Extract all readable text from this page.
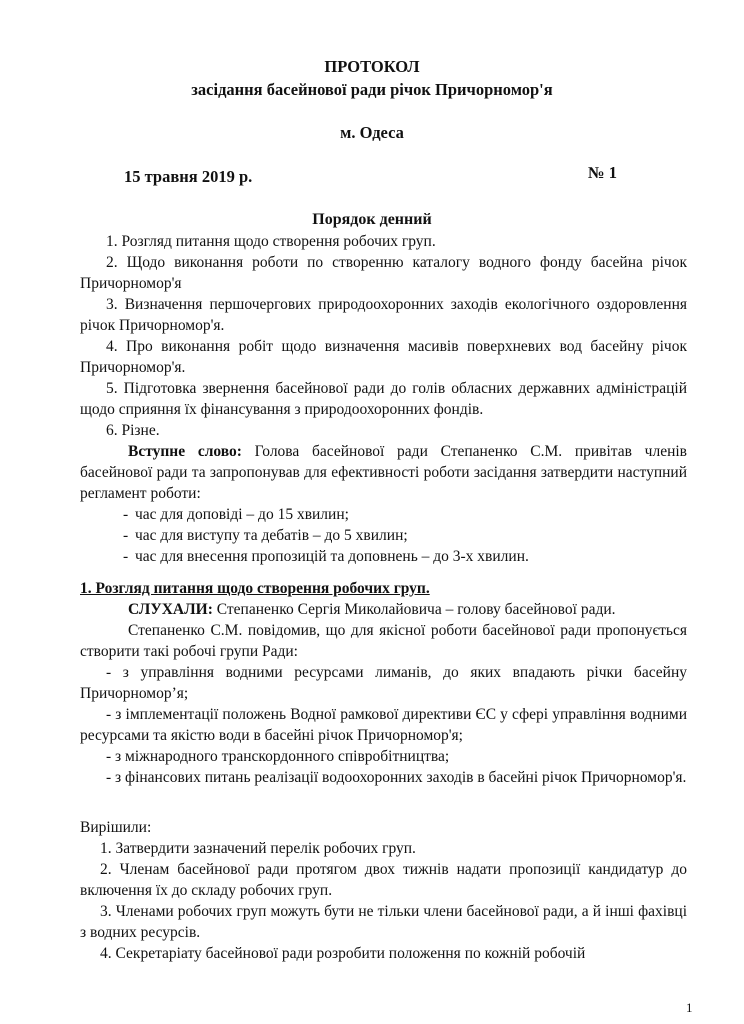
ПРОТОКОЛ
засідання басейнової ради річок Причорномор'я
м. Одеса
15 травня 2019 р.	№ 1
Порядок денний

1. Розгляд питання щодо створення робочих груп.

2. Щодо виконання роботи по створенню каталогу водного фонду басейна річок Причорномор'я

3. Визначення першочергових природоохоронних заходів екологічного оздоровлення річок Причорномор'я.

4. Про виконання робіт щодо визначення масивів поверхневих вод басейну річок Причорномор'я.

5. Підготовка звернення басейнової ради до голів обласних державних адміністрацій щодо сприяння їх фінансування з природоохоронних фондів.

6. Різне.

Вступне слово: Голова басейнової ради Степаненко С.М. привітав членів басейнової ради та запропонував для ефективності роботи засідання затвердити наступний регламент роботи:

- час для доповіді – до 15 хвилин;
- час для виступу та дебатів – до 5 хвилин;
- час для внесення пропозицій та доповнень – до 3-х хвилин.

1. Розгляд питання щодо створення робочих груп.

СЛУХАЛИ: Степаненко Сергія Миколайовича – голову басейнової ради.

Степаненко С.М. повідомив, що для якісної роботи басейнової ради пропонується створити такі робочі групи Ради:

- з управління водними ресурсами лиманів, до яких впадають річки басейну Причорномор’я;

- з імплементації положень Водної рамкової директиви ЄС у сфері управління водними ресурсами та якістю води в басейні річок Причорномор'я;

- з міжнародного транскордонного співробітництва;

- з фінансових питань реалізації водоохоронних заходів в басейні річок Причорномор'я.

Вирішили:

1. Затвердити зазначений перелік робочих груп.

2. Членам басейнової ради протягом двох тижнів надати пропозиції кандидатур до включення їх до складу робочих груп.

3. Членами робочих груп можуть бути не тільки члени басейнової ради, а й інші фахівці з водних ресурсів.

4. Секретаріату басейнової ради розробити положення по кожній робочій

1
